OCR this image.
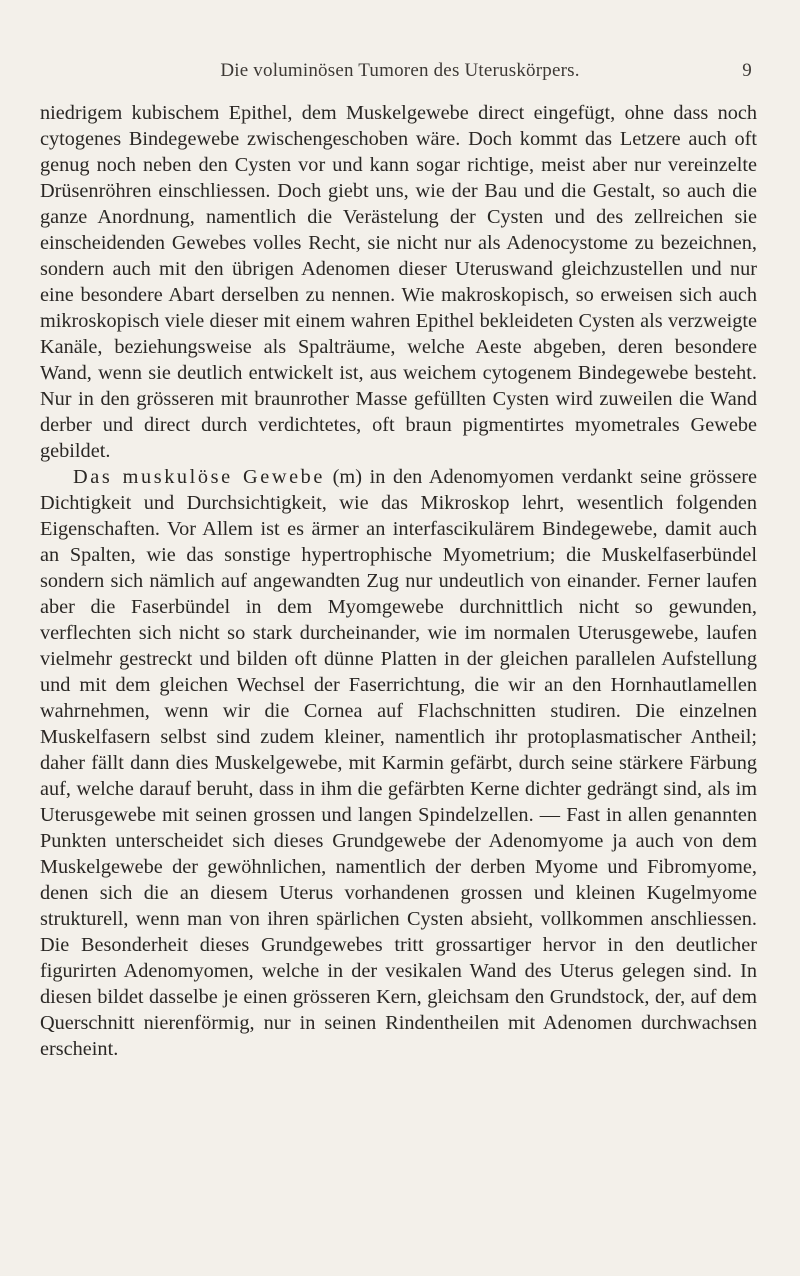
Die voluminösen Tumoren des Uteruskörpers.	9

niedrigem kubischem Epithel, dem Muskelgewebe direct eingefügt, ohne dass noch cytogenes Bindegewebe zwischengeschoben wäre. Doch kommt das Letzere auch oft genug noch neben den Cysten vor und kann sogar richtige, meist aber nur vereinzelte Drüsenröhren einschliessen. Doch giebt uns, wie der Bau und die Gestalt, so auch die ganze Anordnung, namentlich die Verästelung der Cysten und des zellreichen sie einscheidenden Gewebes volles Recht, sie nicht nur als Adenocystome zu bezeichnen, sondern auch mit den übrigen Adenomen dieser Uteruswand gleichzustellen und nur eine besondere Abart derselben zu nennen. Wie makroskopisch, so erweisen sich auch mikroskopisch viele dieser mit einem wahren Epithel bekleideten Cysten als verzweigte Kanäle, beziehungsweise als Spalträume, welche Aeste abgeben, deren besondere Wand, wenn sie deutlich entwickelt ist, aus weichem cytogenem Bindegewebe besteht. Nur in den grösseren mit braunrother Masse gefüllten Cysten wird zuweilen die Wand derber und direct durch verdichtetes, oft braun pigmentirtes myometrales Gewebe gebildet.

Das muskulöse Gewebe (m) in den Adenomyomen verdankt seine grössere Dichtigkeit und Durchsichtigkeit, wie das Mikroskop lehrt, wesentlich folgenden Eigenschaften. Vor Allem ist es ärmer an interfascikulärem Bindegewebe, damit auch an Spalten, wie das sonstige hypertrophische Myometrium; die Muskelfaserbündel sondern sich nämlich auf angewandten Zug nur undeutlich von einander. Ferner laufen aber die Faserbündel in dem Myomgewebe durchnittlich nicht so gewunden, verflechten sich nicht so stark durcheinander, wie im normalen Uterusgewebe, laufen vielmehr gestreckt und bilden oft dünne Platten in der gleichen parallelen Aufstellung und mit dem gleichen Wechsel der Faserrichtung, die wir an den Hornhautlamellen wahrnehmen, wenn wir die Cornea auf Flachschnitten studiren. Die einzelnen Muskelfasern selbst sind zudem kleiner, namentlich ihr protoplasmatischer Antheil; daher fällt dann dies Muskelgewebe, mit Karmin gefärbt, durch seine stärkere Färbung auf, welche darauf beruht, dass in ihm die gefärbten Kerne dichter gedrängt sind, als im Uterusgewebe mit seinen grossen und langen Spindelzellen. — Fast in allen genannten Punkten unterscheidet sich dieses Grundgewebe der Adenomyome ja auch von dem Muskelgewebe der gewöhnlichen, namentlich der derben Myome und Fibromyome, denen sich die an diesem Uterus vorhandenen grossen und kleinen Kugelmyome strukturell, wenn man von ihren spärlichen Cysten absieht, vollkommen anschliessen. Die Besonderheit dieses Grundgewebes tritt grossartiger hervor in den deutlicher figurirten Adenomyomen, welche in der vesikalen Wand des Uterus gelegen sind. In diesen bildet dasselbe je einen grösseren Kern, gleichsam den Grundstock, der, auf dem Querschnitt nierenförmig, nur in seinen Rindentheilen mit Adenomen durchwachsen erscheint.
